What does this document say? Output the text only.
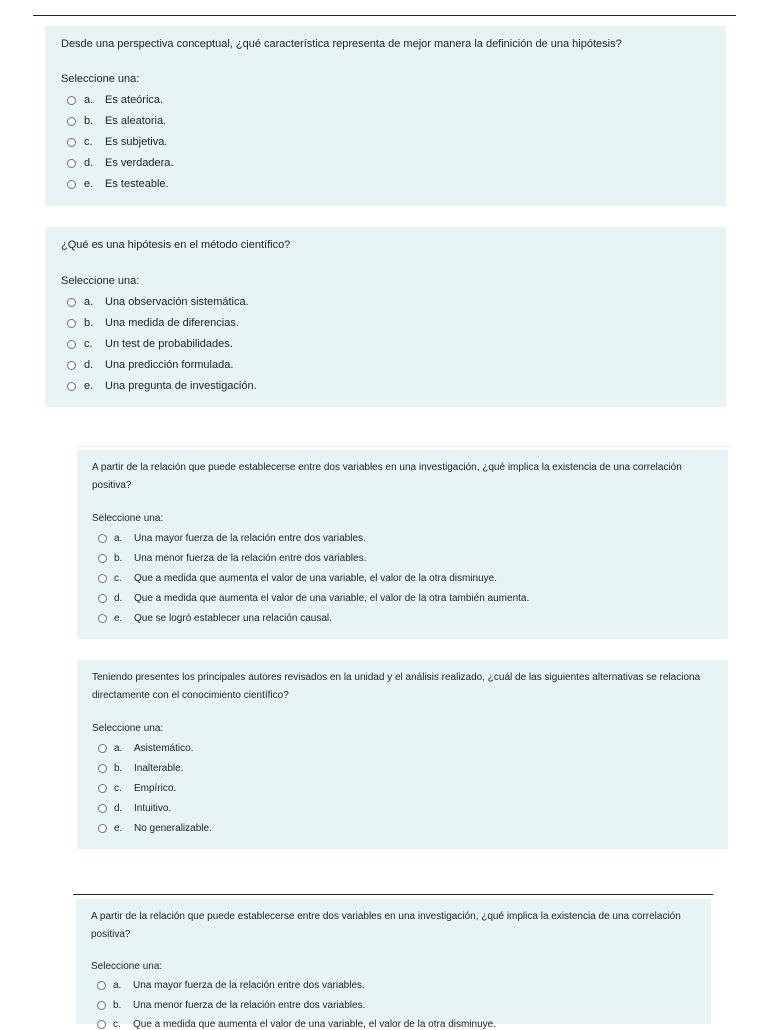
Desde una perspectiva conceptual, ¿qué característica representa de mejor manera la definición de una hipótesis?

Seleccione una:

a.	Es ateórica.
b.	Es aleatoria.
c.	Es subjetiva.
d.	Es verdadera.
e.	Es testeable.

¿Qué es una hipótesis en el método científico?

Seleccione una:

a.	Una observación sistemática.
b.	Una medida de diferencias.
c.	Un test de probabilidades.
d.	Una predicción formulada.
e.	Una pregunta de investigación.

A partir de la relación que puede establecerse entre dos variables en una investigación, ¿qué implica la existencia de una correlación positiva?

Seleccione una:

a.	Una mayor fuerza de la relación entre dos variables.
b.	Una menor fuerza de la relación entre dos variables.
c.	Que a medida que aumenta el valor de una variable, el valor de la otra disminuye.
d.	Que a medida que aumenta el valor de una variable, el valor de la otra también aumenta.
e.	Que se logró establecer una relación causal.

Teniendo presentes los principales autores revisados en la unidad y el análisis realizado, ¿cuál de las siguientes alternativas se relaciona directamente con el conocimiento científico?

Seleccione una:

a.	Asistemático.
b.	Inalterable.
c.	Empírico.
d.	Intuitivo.
e.	No generalizable.

A partir de la relación que puede establecerse entre dos variables en una investigación, ¿qué implica la existencia de una correlación positiva?

Seleccione una:

a.	Una mayor fuerza de la relación entre dos variables.
b.	Una menor fuerza de la relación entre dos variables.
c.	Que a medida que aumenta el valor de una variable, el valor de la otra disminuye.
